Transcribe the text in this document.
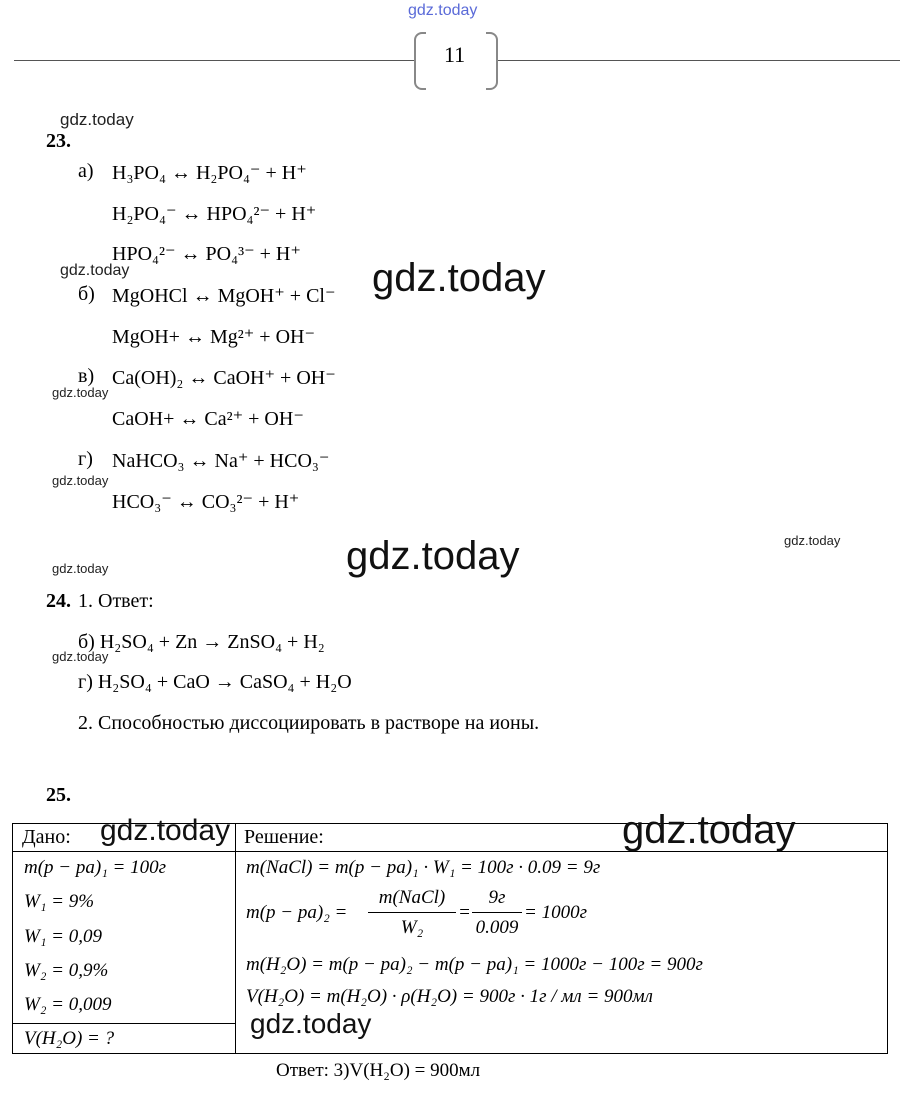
gdz.today
11
gdz.today
23.
а) H₃PO₄ ↔ H₂PO₄⁻ + H⁺
H₂PO₄⁻ ↔ HPO₄²⁻ + H⁺
HPO₄²⁻ ↔ PO₄³⁻ + H⁺
gdz.today
б) MgOHCl ↔ MgOH⁺ + Cl⁻ gdz.today
MgOH+ ↔ Mg²⁺ + OH⁻
в) Ca(OH)₂ ↔ CaOH⁺ + OH⁻
gdz.today
CaOH+ ↔ Ca²⁺ + OH⁻
г) NaHCO₃ ↔ Na⁺ + HCO₃⁻
gdz.today
HCO₃⁻ ↔ CO₃²⁻ + H⁺
gdz.today
gdz.today
gdz.today
24. 1. Ответ:
б) H₂SO₄ + Zn → ZnSO₄ + H₂
gdz.today
г) H₂SO₄ + CaO → CaSO₄ + H₂O
2. Способностью диссоциировать в растворе на ионы.
25.
Дано: gdz.today Решение:	gdz.today
m(p − pa)₁ = 100г
W₁ = 9%
W₁ = 0,09
W₂ = 0,9%
W₂ = 0,009
V(H₂O) = ?
m(NaCl) = m(p − pa)₁ · W₁ = 100г · 0.09 = 9г
m(p − pa)₂ =
m(NaCl)
W₂
=
9г
0.009
= 1000г
m(H₂O) = m(p − pa)₂ − m(p − pa)₁ = 1000г − 100г = 900г
V(H₂O) = m(H₂O) · ρ(H₂O) = 900г · 1г / мл = 900мл
gdz.today
Ответ: 3)V(H₂O) = 900мл
